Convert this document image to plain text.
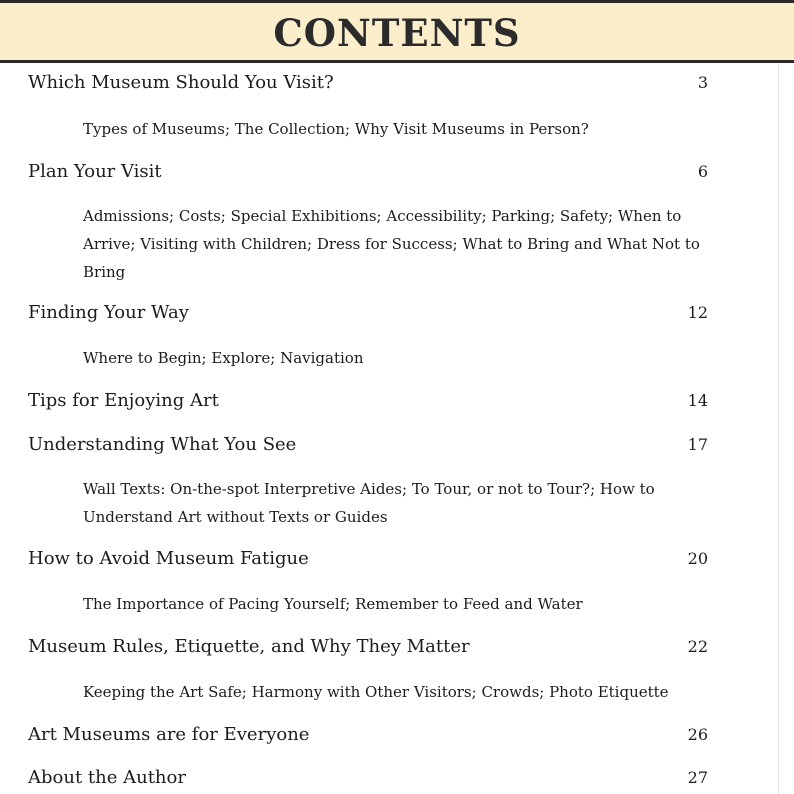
CONTENTS
Which Museum Should You Visit?	3
Types of Museums; The Collection; Why Visit Museums in Person?
Plan Your Visit	6
Admissions; Costs; Special Exhibitions; Accessibility; Parking; Safety; When to Arrive; Visiting with Children; Dress for Success; What to Bring and What Not to Bring
Finding Your Way	12
Where to Begin; Explore; Navigation
Tips for Enjoying Art	14
Understanding What You See	17
Wall Texts: On-the-spot Interpretive Aides; To Tour, or not to Tour?; How to Understand Art without Texts or Guides
How to Avoid Museum Fatigue	20
The Importance of Pacing Yourself; Remember to Feed and Water
Museum Rules, Etiquette, and Why They Matter	22
Keeping the Art Safe; Harmony with Other Visitors; Crowds; Photo Etiquette
Art Museums are for Everyone	26
About the Author	27
